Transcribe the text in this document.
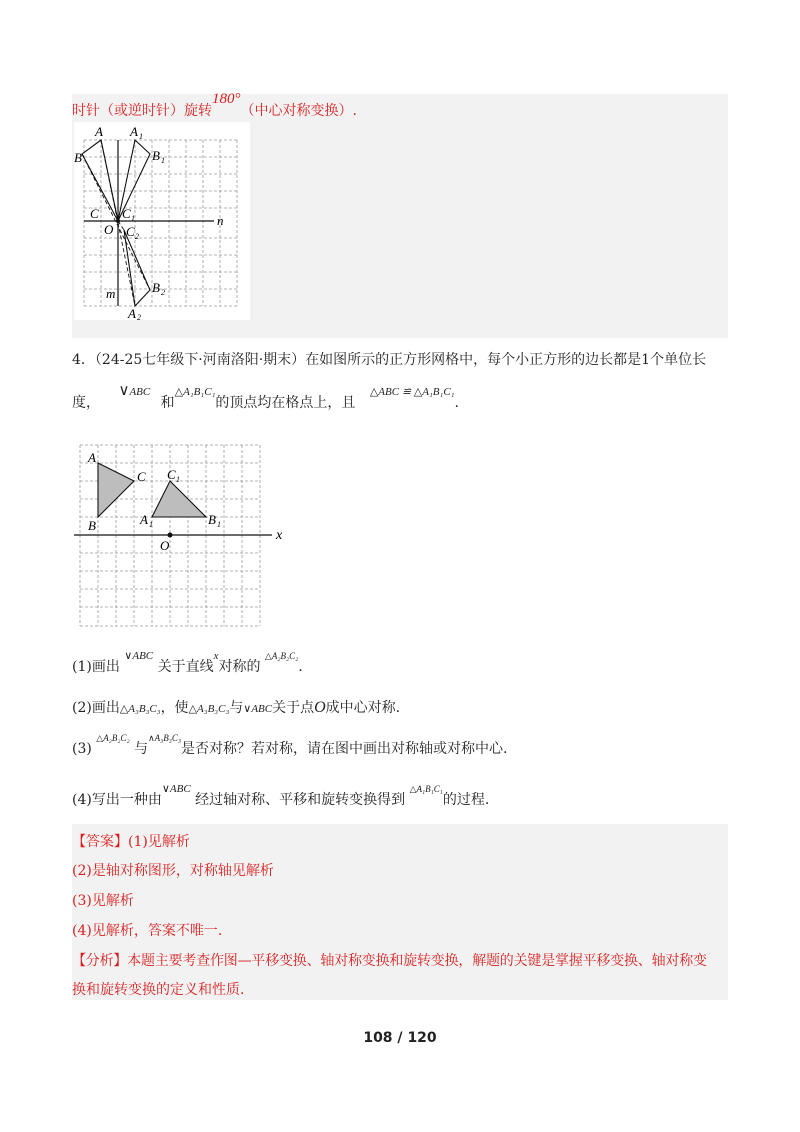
时针（或逆时针）旋转180°（中心对称变换）.
A A 1
B	B 1
C C 1
O C 2
B 2
A 2
n
m
4．（24-25七年级下·河南洛阳·期末）在如图所示的正方形网格中，每个小正方形的边长都是1个单位长
度， ∨$^{ABC}$ 和$^{\triangle A_1B_1C_1}$的顶点均在格点上，且 $^{\triangle ABC ≌ \triangle A_1B_1C_1}$.
A
B
C C 1
A 1	B 1
O
x
(1)画出 $^{\vee ABC}$ 关于直线$^x$对称的 $^{\triangle A_2B_2C_2}$.
(2)画出△A₃B₃C₃，使△A₃B₃C₃与∨ABC关于点O成中心对称.
(3) $^{\triangle A_2B_2C_2}$ 与$^{\wedge A_3B_3C_3}$是否对称？若对称，请在图中画出对称轴或对称中心.
(4)写出一种由$^{\vee ABC}$ 经过轴对称、平移和旋转变换得到 $^{\triangle A_1B_1C_1}$的过程.
【答案】(1)见解析
(2)是轴对称图形，对称轴见解析
(3)见解析
(4)见解析，答案不唯一.
【分析】本题主要考查作图—平移变换、轴对称变换和旋转变换，解题的关键是掌握平移变换、轴对称变
换和旋转变换的定义和性质.
108 / 120
